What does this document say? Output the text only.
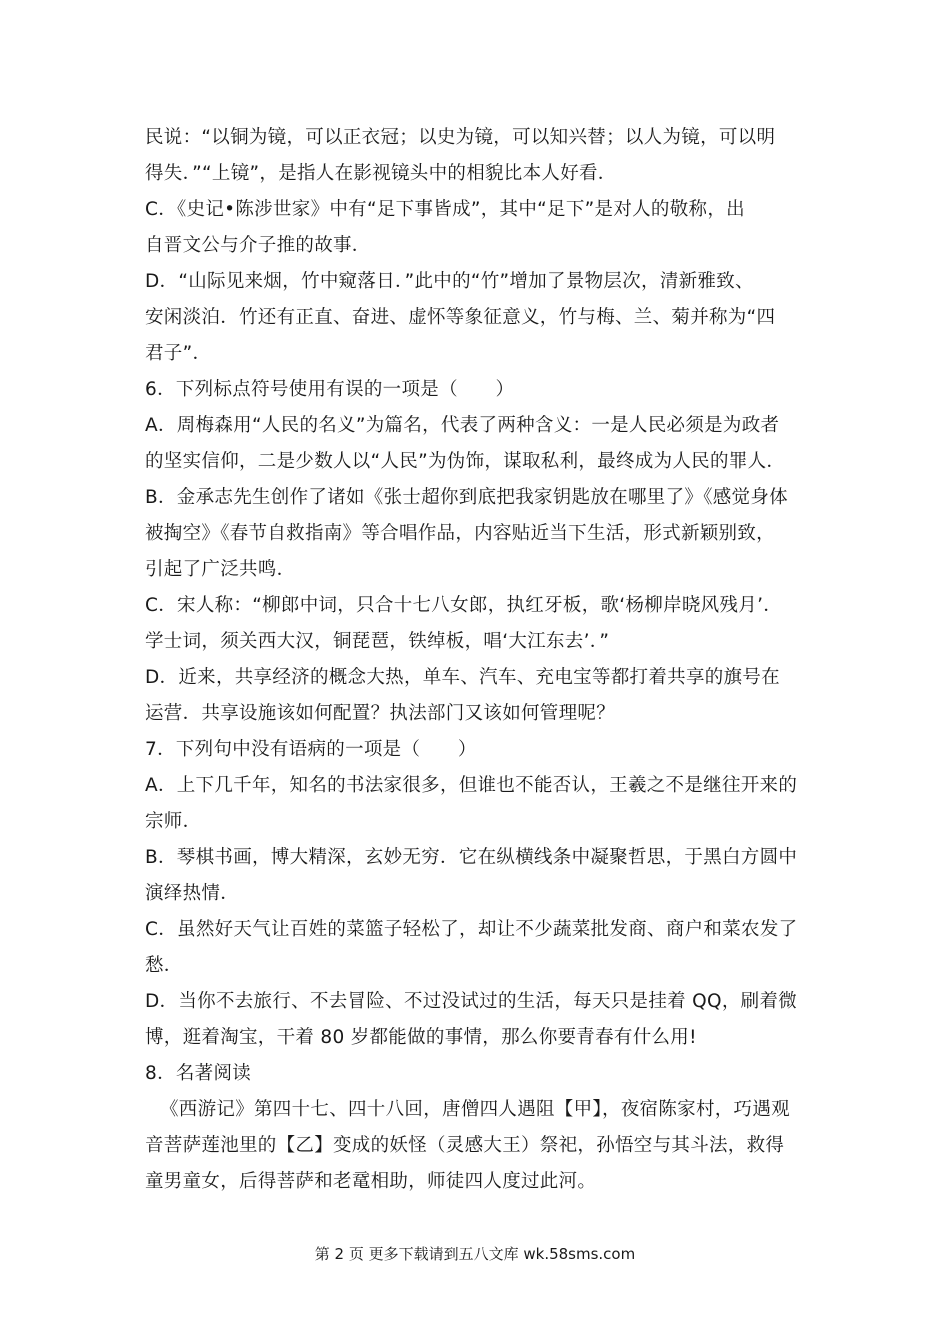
民说：“以铜为镜，可以正衣冠；以史为镜，可以知兴替；以人为镜，可以明
得失．”“上镜”，是指人在影视镜头中的相貌比本人好看．
C．《史记•陈涉世家》中有“足下事皆成”，其中“足下”是对人的敬称，出
自晋文公与介子推的故事．
D．“山际见来烟，竹中窥落日．”此中的“竹”增加了景物层次，清新雅致、
安闲淡泊．竹还有正直、奋进、虚怀等象征意义，竹与梅、兰、菊并称为“四
君子”．
6．下列标点符号使用有误的一项是（　　）
A．周梅森用“人民的名义”为篇名，代表了两种含义：一是人民必须是为政者
的坚实信仰，二是少数人以“人民”为伪饰，谋取私利，最终成为人民的罪人．
B．金承志先生创作了诸如《张士超你到底把我家钥匙放在哪里了》《感觉身体
被掏空》《春节自救指南》等合唱作品，内容贴近当下生活，形式新颖别致，
引起了广泛共鸣．
C．宋人称：“柳郎中词，只合十七八女郎，执红牙板，歌‘杨柳岸晓风残月’．
学士词，须关西大汉，铜琵琶，铁绰板，唱‘大江东去’．”
D．近来，共享经济的概念大热，单车、汽车、充电宝等都打着共享的旗号在
运营．共享设施该如何配置？执法部门又该如何管理呢？
7．下列句中没有语病的一项是（　　）
A．上下几千年，知名的书法家很多，但谁也不能否认，王羲之不是继往开来的
宗师．
B．琴棋书画，博大精深，玄妙无穷．它在纵横线条中凝聚哲思，于黑白方圆中
演绎热情．
C．虽然好天气让百姓的菜篮子轻松了，却让不少蔬菜批发商、商户和菜农发了
愁．
D．当你不去旅行、不去冒险、不过没试过的生活，每天只是挂着 QQ，刷着微
博，逛着淘宝，干着 80 岁都能做的事情，那么你要青春有什么用!
8．名著阅读
《西游记》第四十七、四十八回，唐僧四人遇阻【甲】，夜宿陈家村，巧遇观
音菩萨莲池里的【乙】变成的妖怪（灵感大王）祭祀，孙悟空与其斗法，救得
童男童女，后得菩萨和老鼋相助，师徒四人度过此河。
第 2 页 更多下载请到五八文库 wk.58sms.com
